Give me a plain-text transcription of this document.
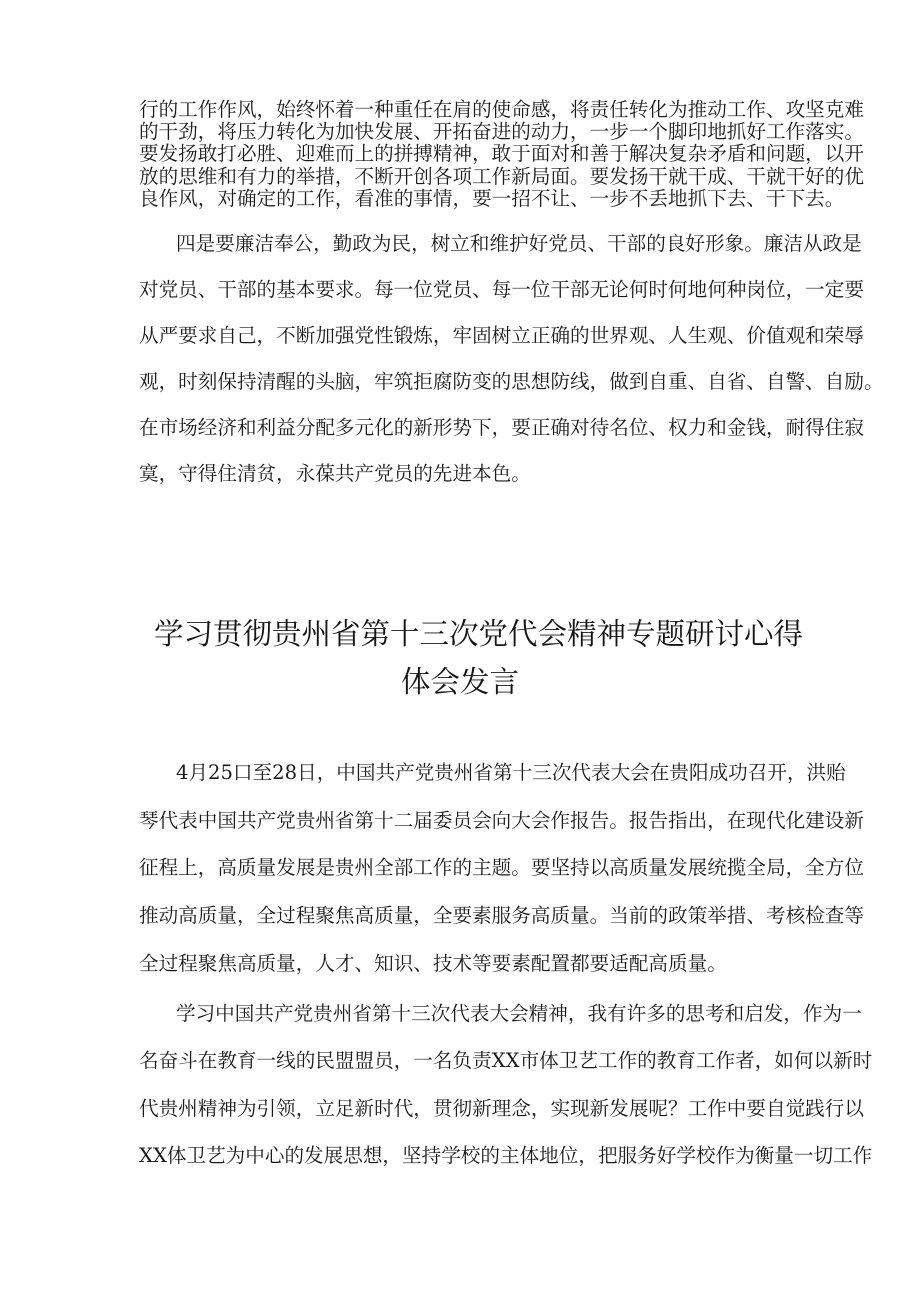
行的工作作风，始终怀着一种重任在肩的使命感，将责任转化为推动工作、攻坚克难
的干劲，将压力转化为加快发展、开拓奋进的动力，一步一个脚印地抓好工作落实。
要发扬敢打必胜、迎难而上的拼搏精神，敢于面对和善于解决复杂矛盾和问题，以开
放的思维和有力的举措，不断开创各项工作新局面。要发扬干就干成、干就干好的优
良作风，对确定的工作，看准的事情，要一招不让、一步不丢地抓下去、干下去。
四是要廉洁奉公，勤政为民，树立和维护好党员、干部的良好形象。廉洁从政是
对党员、干部的基本要求。每一位党员、每一位干部无论何时何地何种岗位，一定要
从严要求自己，不断加强党性锻炼，牢固树立正确的世界观、人生观、价值观和荣辱
观，时刻保持清醒的头脑，牢筑拒腐防变的思想防线，做到自重、自省、自警、自励。
在市场经济和利益分配多元化的新形势下，要正确对待名位、权力和金钱，耐得住寂
寞，守得住清贫，永葆共产党员的先进本色。
学习贯彻贵州省第十三次党代会精神专题研讨心得
体会发言
4月25口至28日，中国共产党贵州省第十三次代表大会在贵阳成功召开，洪贻
琴代表中国共产党贵州省第十二届委员会向大会作报告。报告指出，在现代化建设新
征程上，高质量发展是贵州全部工作的主题。要坚持以高质量发展统揽全局，全方位
推动高质量，全过程聚焦高质量，全要素服务高质量。当前的政策举措、考核检查等
全过程聚焦高质量，人才、知识、技术等要素配置都要适配高质量。
学习中国共产党贵州省第十三次代表大会精神，我有许多的思考和启发，作为一
名奋斗在教育一线的民盟盟员，一名负责XX市体卫艺工作的教育工作者，如何以新时
代贵州精神为引领，立足新时代，贯彻新理念，实现新发展呢？工作中要自觉践行以
XX体卫艺为中心的发展思想，坚持学校的主体地位，把服务好学校作为衡量一切工作
